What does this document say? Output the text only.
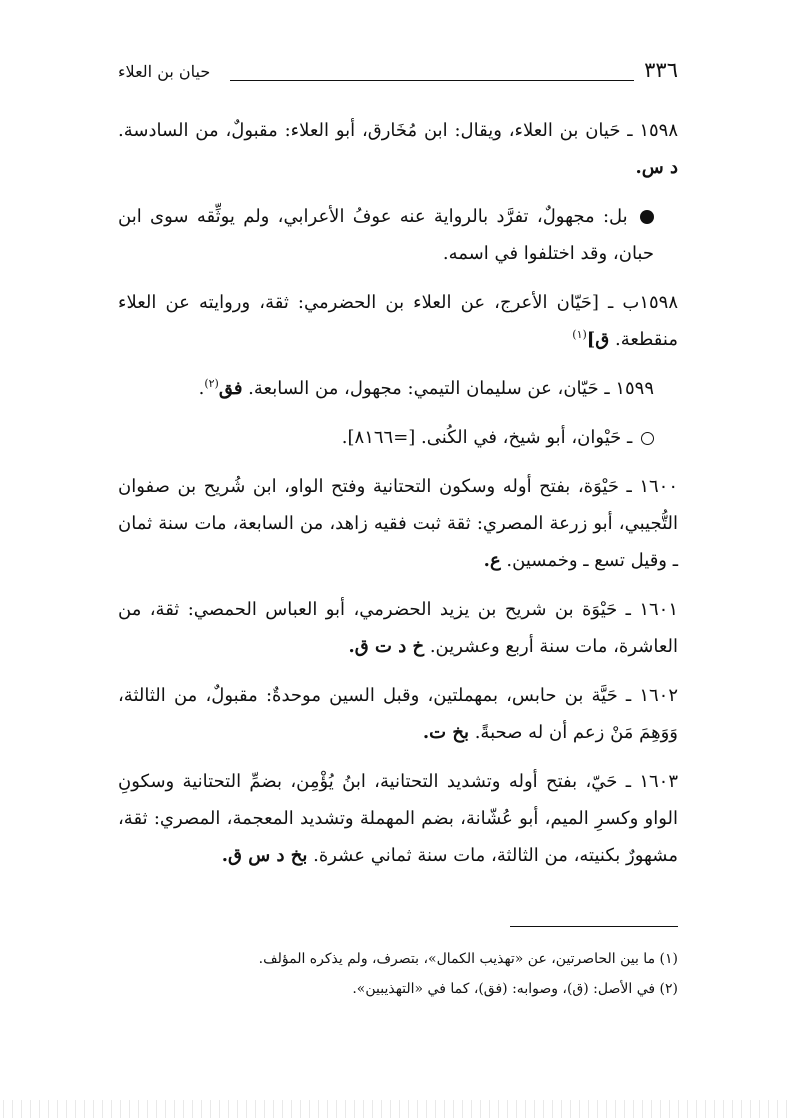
٣٣٦
حيان بن العلاء

١٥٩٨ ـ حَيان بن العلاء، ويقال: ابن مُخَارق، أبو العلاء: مقبولٌ، من السادسة. د س.

بل: مجهولٌ، تفرَّد بالرواية عنه عوفُ الأعرابي، ولم يوثِّقه سوى ابن حبان، وقد اختلفوا في اسمه.

١٥٩٨ب ـ [حَيّان الأعرج، عن العلاء بن الحضرمي: ثقة، وروايته عن العلاء منقطعة. ق]$^{(١)}$

١٥٩٩ ـ حَيّان، عن سليمان التيمي: مجهول، من السابعة. فق$^{(٢)}$.

ـ حَيْوان، أبو شيخ، في الكُنى. [=٨١٦٦].

١٦٠٠ ـ حَيْوَة، بفتح أوله وسكون التحتانية وفتح الواو، ابن شُريح بن صفوان التُّجيبي، أبو زرعة المصري: ثقة ثبت فقيه زاهد، من السابعة، مات سنة ثمان ـ وقيل تسع ـ وخمسين. ع.

١٦٠١ ـ حَيْوَة بن شريح بن يزيد الحضرمي، أبو العباس الحمصي: ثقة، من العاشرة، مات سنة أربع وعشرين. خ د ت ق.

١٦٠٢ ـ حَيَّة بن حابس، بمهملتين، وقبل السين موحدةٌ: مقبولٌ، من الثالثة، وَوَهِمَ مَنْ زعم أن له صحبةً. بخ ت.

١٦٠٣ ـ حَيّ، بفتح أوله وتشديد التحتانية، ابنُ يُؤْمِن، بضمِّ التحتانية وسكونِ الواو وكسرِ الميم، أبو عُشّانة، بضم المهملة وتشديد المعجمة، المصري: ثقة، مشهورٌ بكنيته، من الثالثة، مات سنة ثماني عشرة. بخ د س ق.

(١) ما بين الحاصرتين، عن «تهذيب الكمال»، بتصرف، ولم يذكره المؤلف.
(٢) في الأصل: (ق)، وصوابه: (فق)، كما في «التهذيبين».
